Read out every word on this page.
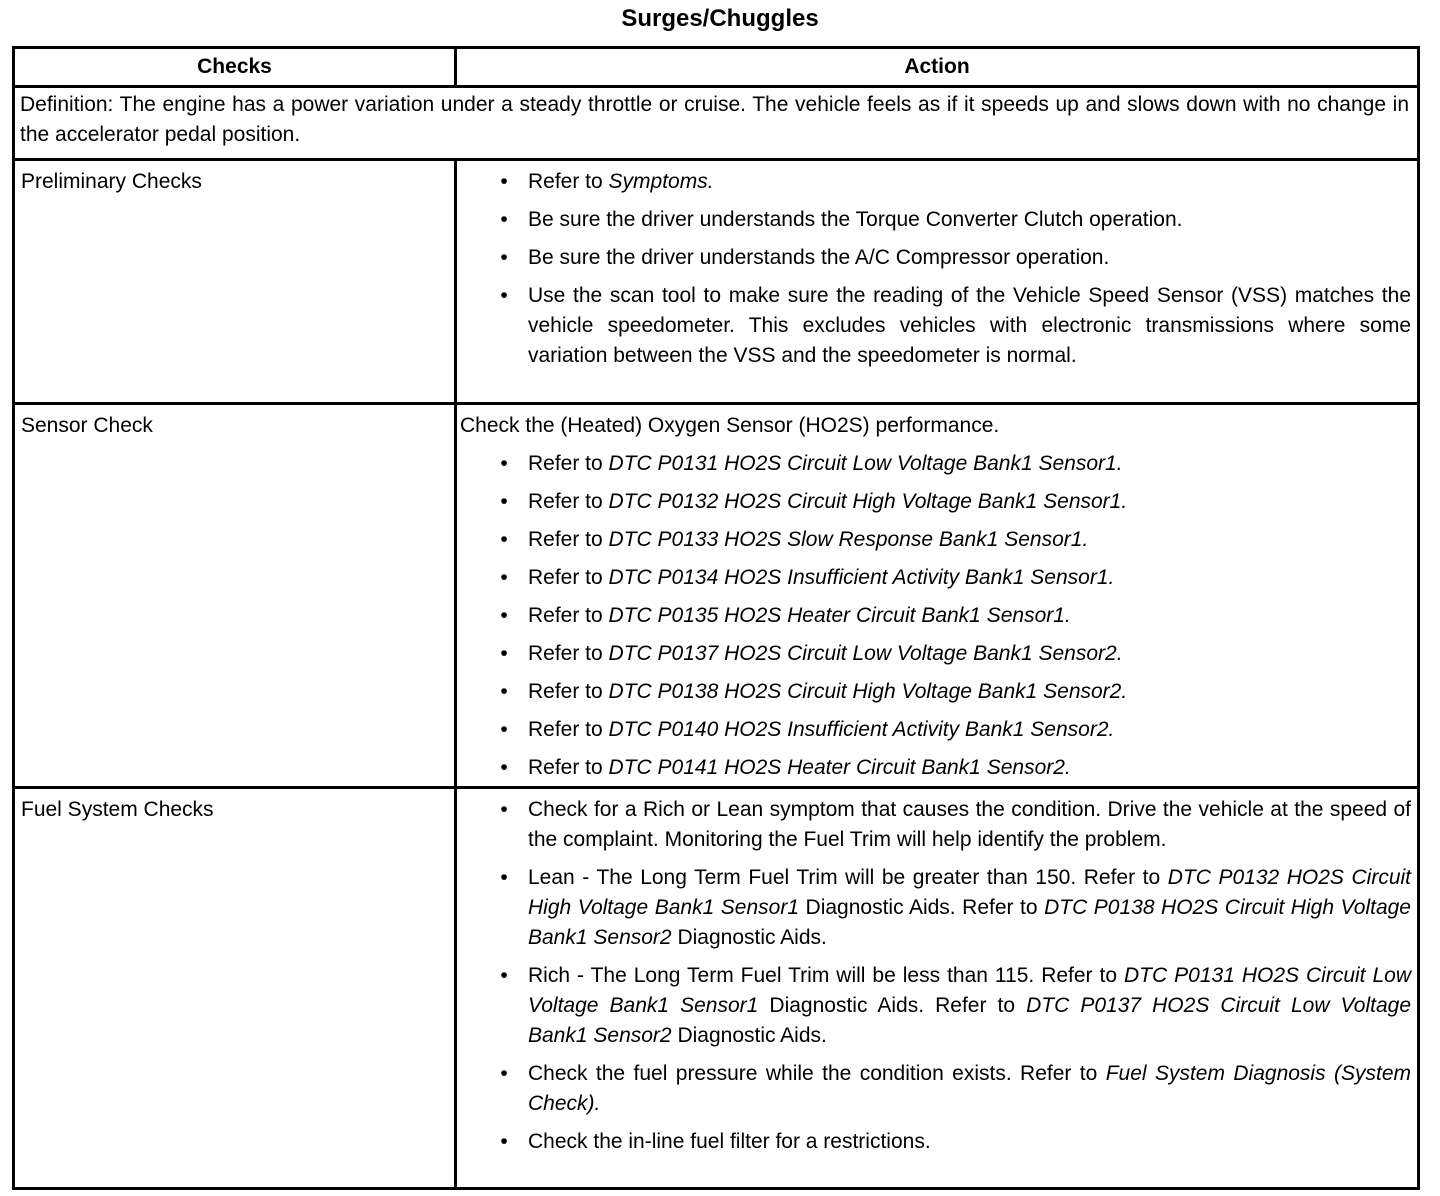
Surges/Chuggles
Checks	Action
Definition: The engine has a power variation under a steady throttle or cruise. The vehicle feels as if it speeds up and slows down with no change in the accelerator pedal position.
Preliminary Checks	• Refer to Symptoms.
• Be sure the driver understands the Torque Converter Clutch operation.
• Be sure the driver understands the A/C Compressor operation.
• Use the scan tool to make sure the reading of the Vehicle Speed Sensor (VSS) matches the vehicle speedometer. This excludes vehicles with electronic transmissions where some variation between the VSS and the speedometer is normal.
Sensor Check	Check the (Heated) Oxygen Sensor (HO2S) performance.
• Refer to DTC P0131 HO2S Circuit Low Voltage Bank1 Sensor1.
• Refer to DTC P0132 HO2S Circuit High Voltage Bank1 Sensor1.
• Refer to DTC P0133 HO2S Slow Response Bank1 Sensor1.
• Refer to DTC P0134 HO2S Insufficient Activity Bank1 Sensor1.
• Refer to DTC P0135 HO2S Heater Circuit Bank1 Sensor1.
• Refer to DTC P0137 HO2S Circuit Low Voltage Bank1 Sensor2.
• Refer to DTC P0138 HO2S Circuit High Voltage Bank1 Sensor2.
• Refer to DTC P0140 HO2S Insufficient Activity Bank1 Sensor2.
• Refer to DTC P0141 HO2S Heater Circuit Bank1 Sensor2.
Fuel System Checks	• Check for a Rich or Lean symptom that causes the condition. Drive the vehicle at the speed of the complaint. Monitoring the Fuel Trim will help identify the problem.
• Lean - The Long Term Fuel Trim will be greater than 150. Refer to DTC P0132 HO2S Circuit High Voltage Bank1 Sensor1 Diagnostic Aids. Refer to DTC P0138 HO2S Circuit High Voltage Bank1 Sensor2 Diagnostic Aids.
• Rich - The Long Term Fuel Trim will be less than 115. Refer to DTC P0131 HO2S Circuit Low Voltage Bank1 Sensor1 Diagnostic Aids. Refer to DTC P0137 HO2S Circuit Low Voltage Bank1 Sensor2 Diagnostic Aids.
• Check the fuel pressure while the condition exists. Refer to Fuel System Diagnosis (System Check).
• Check the in-line fuel filter for a restrictions.
